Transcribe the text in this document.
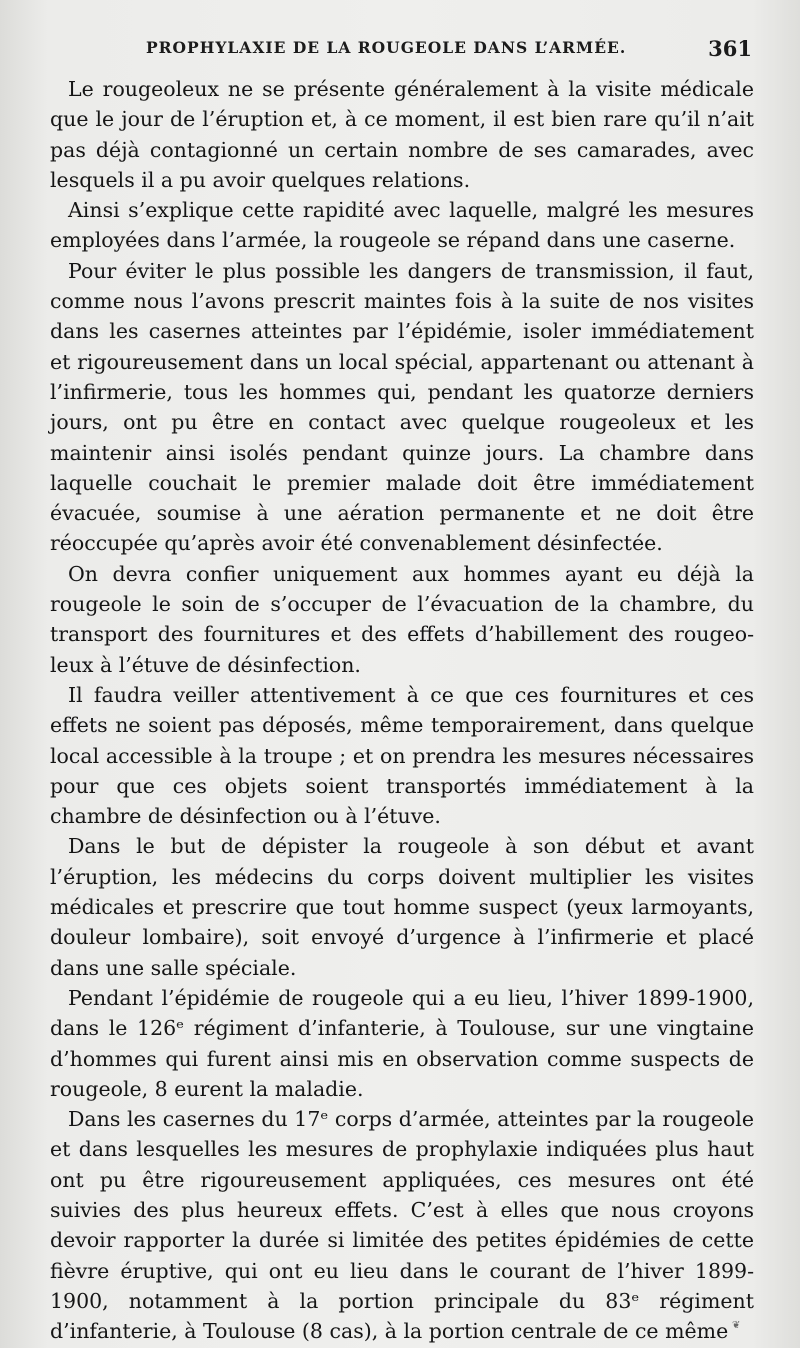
PROPHYLAXIE DE LA ROUGEOLE DANS L’ARMÉE.	361

Le rougeoleux ne se présente généralement à la visite médicale que le jour de l’éruption et, à ce moment, il est bien rare qu’il n’ait pas déjà contagionné un certain nombre de ses camarades, avec lesquels il a pu avoir quelques relations.

Ainsi s’explique cette rapidité avec laquelle, malgré les mesures employées dans l’armée, la rougeole se répand dans une caserne.

Pour éviter le plus possible les dangers de transmission, il faut, comme nous l’avons prescrit maintes fois à la suite de nos visites dans les casernes atteintes par l’épidémie, isoler immédiatement et rigoureusement dans un local spécial, appartenant ou attenant à l’infirmerie, tous les hommes qui, pendant les quatorze derniers jours, ont pu être en contact avec quelque rougeoleux et les maintenir ainsi isolés pendant quinze jours. La chambre dans laquelle couchait le premier malade doit être immédiatement évacuée, soumise à une aération permanente et ne doit être réoccupée qu’après avoir été convenablement désinfectée.

On devra confier uniquement aux hommes ayant eu déjà la rougeole le soin de s’occuper de l’évacuation de la chambre, du transport des fournitures et des effets d’habillement des rougeoleux à l’étuve de désinfection.

Il faudra veiller attentivement à ce que ces fournitures et ces effets ne soient pas déposés, même temporairement, dans quelque local accessible à la troupe ; et on prendra les mesures nécessaires pour que ces objets soient transportés immédiatement à la chambre de désinfection ou à l’étuve.

Dans le but de dépister la rougeole à son début et avant l’éruption, les médecins du corps doivent multiplier les visites médicales et prescrire que tout homme suspect (yeux larmoyants, douleur lombaire), soit envoyé d’urgence à l’infirmerie et placé dans une salle spéciale.

Pendant l’épidémie de rougeole qui a eu lieu, l’hiver 1899-1900, dans le 126ᵉ régiment d’infanterie, à Toulouse, sur une vingtaine d’hommes qui furent ainsi mis en observation comme suspects de rougeole, 8 eurent la maladie.

Dans les casernes du 17ᵉ corps d’armée, atteintes par la rougeole et dans lesquelles les mesures de prophylaxie indiquées plus haut ont pu être rigoureusement appliquées, ces mesures ont été suivies des plus heureux effets. C’est à elles que nous croyons devoir rapporter la durée si limitée des petites épidémies de cette fièvre éruptive, qui ont eu lieu dans le courant de l’hiver 1899-1900, notamment à la portion principale du 83ᵉ régiment d’infanterie, à Toulouse (8 cas), à la portion centrale de ce même ❦
